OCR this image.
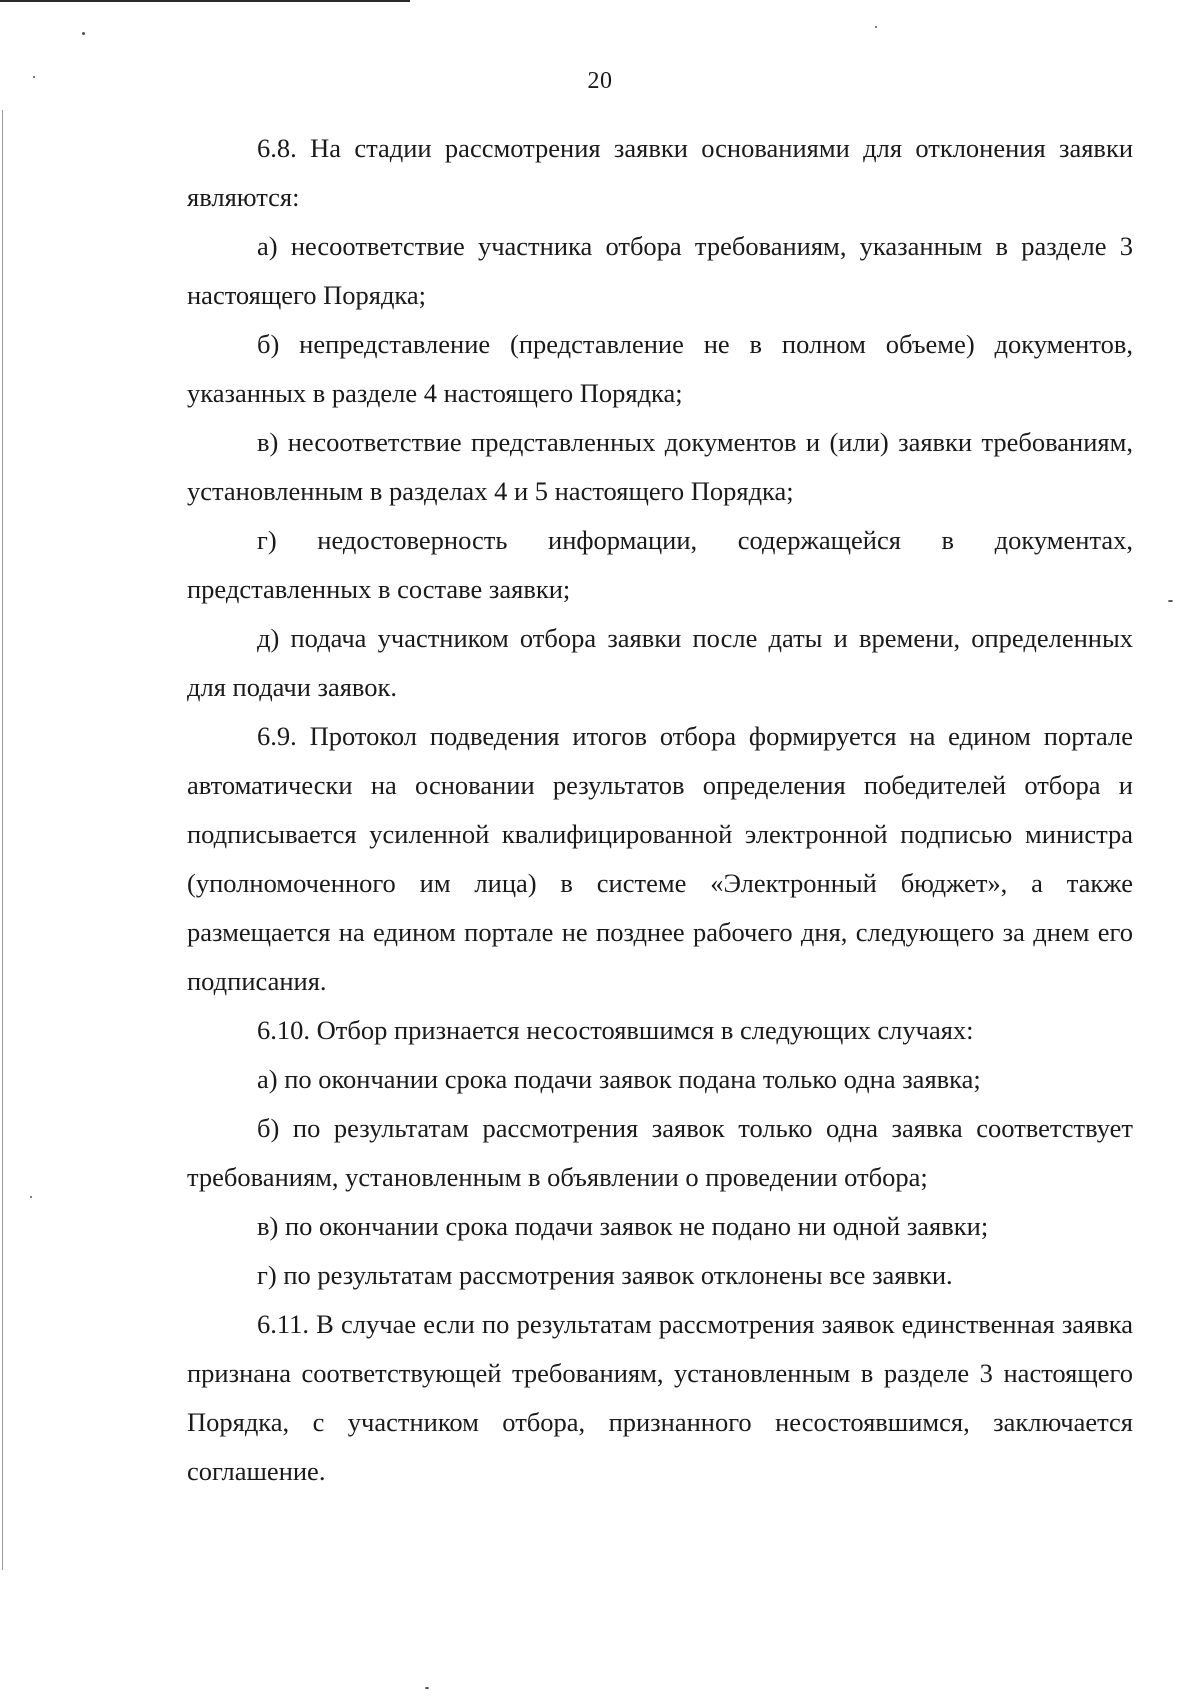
20

6.8. На стадии рассмотрения заявки основаниями для отклонения заявки являются:

а) несоответствие участника отбора требованиям, указанным в разделе 3 настоящего Порядка;

б) непредставление (представление не в полном объеме) документов, указанных в разделе 4 настоящего Порядка;

в) несоответствие представленных документов и (или) заявки требованиям, установленным в разделах 4 и 5 настоящего Порядка;

г) недостоверность информации, содержащейся в документах, представленных в составе заявки;

д) подача участником отбора заявки после даты и времени, определенных для подачи заявок.

6.9. Протокол подведения итогов отбора формируется на едином портале автоматически на основании результатов определения победителей отбора и подписывается усиленной квалифицированной электронной подписью министра (уполномоченного им лица) в системе «Электронный бюджет», а также размещается на едином портале не позднее рабочего дня, следующего за днем его подписания.

6.10. Отбор признается несостоявшимся в следующих случаях:

а) по окончании срока подачи заявок подана только одна заявка;

б) по результатам рассмотрения заявок только одна заявка соответствует требованиям, установленным в объявлении о проведении отбора;

в) по окончании срока подачи заявок не подано ни одной заявки;

г) по результатам рассмотрения заявок отклонены все заявки.

6.11. В случае если по результатам рассмотрения заявок единственная заявка признана соответствующей требованиям, установленным в разделе 3 настоящего Порядка, с участником отбора, признанного несостоявшимся, заключается соглашение.
